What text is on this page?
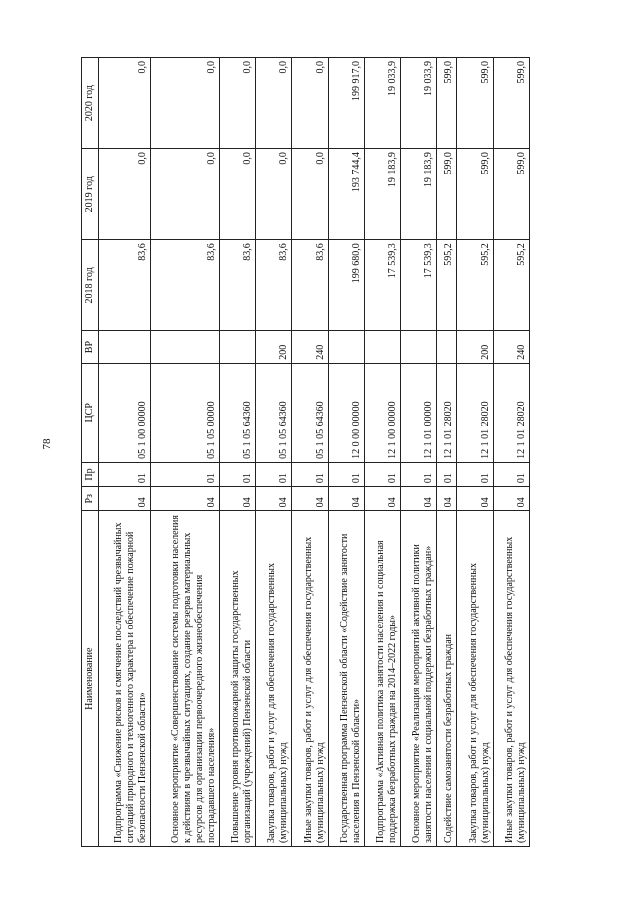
78
Наименование	Рз	Пр	ЦСР	ВР	2018 год	2019 год	2020 год
Подпрограмма «Снижение рисков и смягчение последствий чрезвычайных ситуаций природного и техногенного характера и обеспечение пожарной безопасности Пензенской области»	04	01	05 1 00 00000		83,6	0,0	0,0
Основное мероприятие «Совершенствование системы подготовки населения к действиям в чрезвычайных ситуациях, создание резерва материальных ресурсов для организации первоочередного жизнеобеспечения пострадавшего населения»	04	01	05 1 05 00000		83,6	0,0	0,0
Повышение уровня противопожарной защиты государственных организаций (учреждений) Пензенской области	04	01	05 1 05 64360		83,6	0,0	0,0
Закупка товаров, работ и услуг для обеспечения государственных (муниципальных) нужд	04	01	05 1 05 64360	200	83,6	0,0	0,0
Иные закупки товаров, работ и услуг для обеспечения государственных (муниципальных) нужд	04	01	05 1 05 64360	240	83,6	0,0	0,0
Государственная программа Пензенской области «Содействие занятости населения в Пензенской области»	04	01	12 0 00 00000		199 680,0	193 744,4	199 917,0
Подпрограмма «Активная политика занятости населения и социальная поддержка безработных граждан на 2014–2022 годы»	04	01	12 1 00 00000		17 539,3	19 183,9	19 033,9
Основное мероприятие «Реализация мероприятий активной политики занятости населения и социальной поддержки безработных граждан»	04	01	12 1 01 00000		17 539,3	19 183,9	19 033,9
Содействие самозанятости безработных граждан	04	01	12 1 01 28020		595,2	599,0	599,0
Закупка товаров, работ и услуг для обеспечения государственных (муниципальных) нужд	04	01	12 1 01 28020	200	595,2	599,0	599,0
Иные закупки товаров, работ и услуг для обеспечения государственных (муниципальных) нужд	04	01	12 1 01 28020	240	595,2	599,0	599,0
